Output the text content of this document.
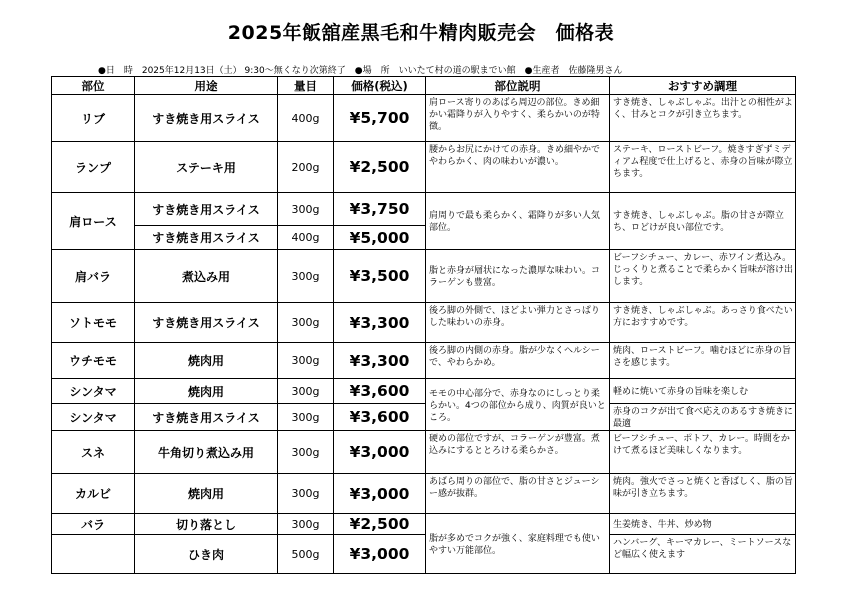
2025年飯舘産黒毛和牛精肉販売会　価格表
●日　時　2025年12月13日（土） 9:30～無くなり次第終了　●場　所　いいたて村の道の駅までい館　●生産者　佐藤隆男さん
部位	用途	量目	価格(税込)	部位説明	おすすめ調理
リブ	すき焼き用スライス	400g	¥5,700	肩ロース寄りのあばら周辺の部位。きめ細かい霜降りが入りやすく、柔らかいのが特徴。	すき焼き、しゃぶしゃぶ。出汁との相性がよく、甘みとコクが引き立ちます。
ランプ	ステーキ用	200g	¥2,500	腰からお尻にかけての赤身。きめ細やかでやわらかく、肉の味わいが濃い。	ステーキ、ローストビーフ。焼きすぎずミディアム程度で仕上げると、赤身の旨味が際立ちます。
肩ロース	すき焼き用スライス	300g	¥3,750	肩周りで最も柔らかく、霜降りが多い人気部位。	すき焼き、しゃぶしゃぶ。脂の甘さが際立ち、ロどけが良い部位です。
	すき焼き用スライス	400g	¥5,000		
肩バラ	煮込み用	300g	¥3,500	脂と赤身が層状になった濃厚な味わい。コラーゲンも豊富。	ビーフシチュー、カレー、赤ワイン煮込み。じっくりと煮ることで柔らかく旨味が溶け出します。
ソトモモ	すき焼き用スライス	300g	¥3,300	後ろ脚の外側で、ほどよい弾力とさっぱりした味わいの赤身。	すき焼き、しゃぶしゃぶ。あっさり食べたい方におすすめです。
ウチモモ	焼肉用	300g	¥3,300	後ろ脚の内側の赤身。脂が少なくヘルシーで、やわらかめ。	焼肉、ローストビーフ。噛むほどに赤身の旨さを感じます。
シンタマ	焼肉用	300g	¥3,600	モモの中心部分で、赤身なのにしっとり柔らかい。4つの部位から成り、肉質が良いところ。	軽めに焼いて赤身の旨味を楽しむ
シンタマ	すき焼き用スライス	300g	¥3,600		赤身のコクが出て食べ応えのあるすき焼きに最適
スネ	牛角切り煮込み用	300g	¥3,000	硬めの部位ですが、コラーゲンが豊富。煮込みにするととろける柔らかさ。	ビーフシチュー、ポトフ、カレー。時間をかけて煮るほど美味しくなります。
カルビ	焼肉用	300g	¥3,000	あばら周りの部位で、脂の甘さとジューシー感が抜群。	焼肉。強火でさっと焼くと香ばしく、脂の旨味が引き立ちます。
バラ	切り落とし	300g	¥2,500	脂が多めでコクが強く、家庭料理でも使いやすい万能部位。	生姜焼き、牛丼、炒め物
	ひき肉	500g	¥3,000		ハンバーグ、キーマカレー、ミートソースなど幅広く使えます
